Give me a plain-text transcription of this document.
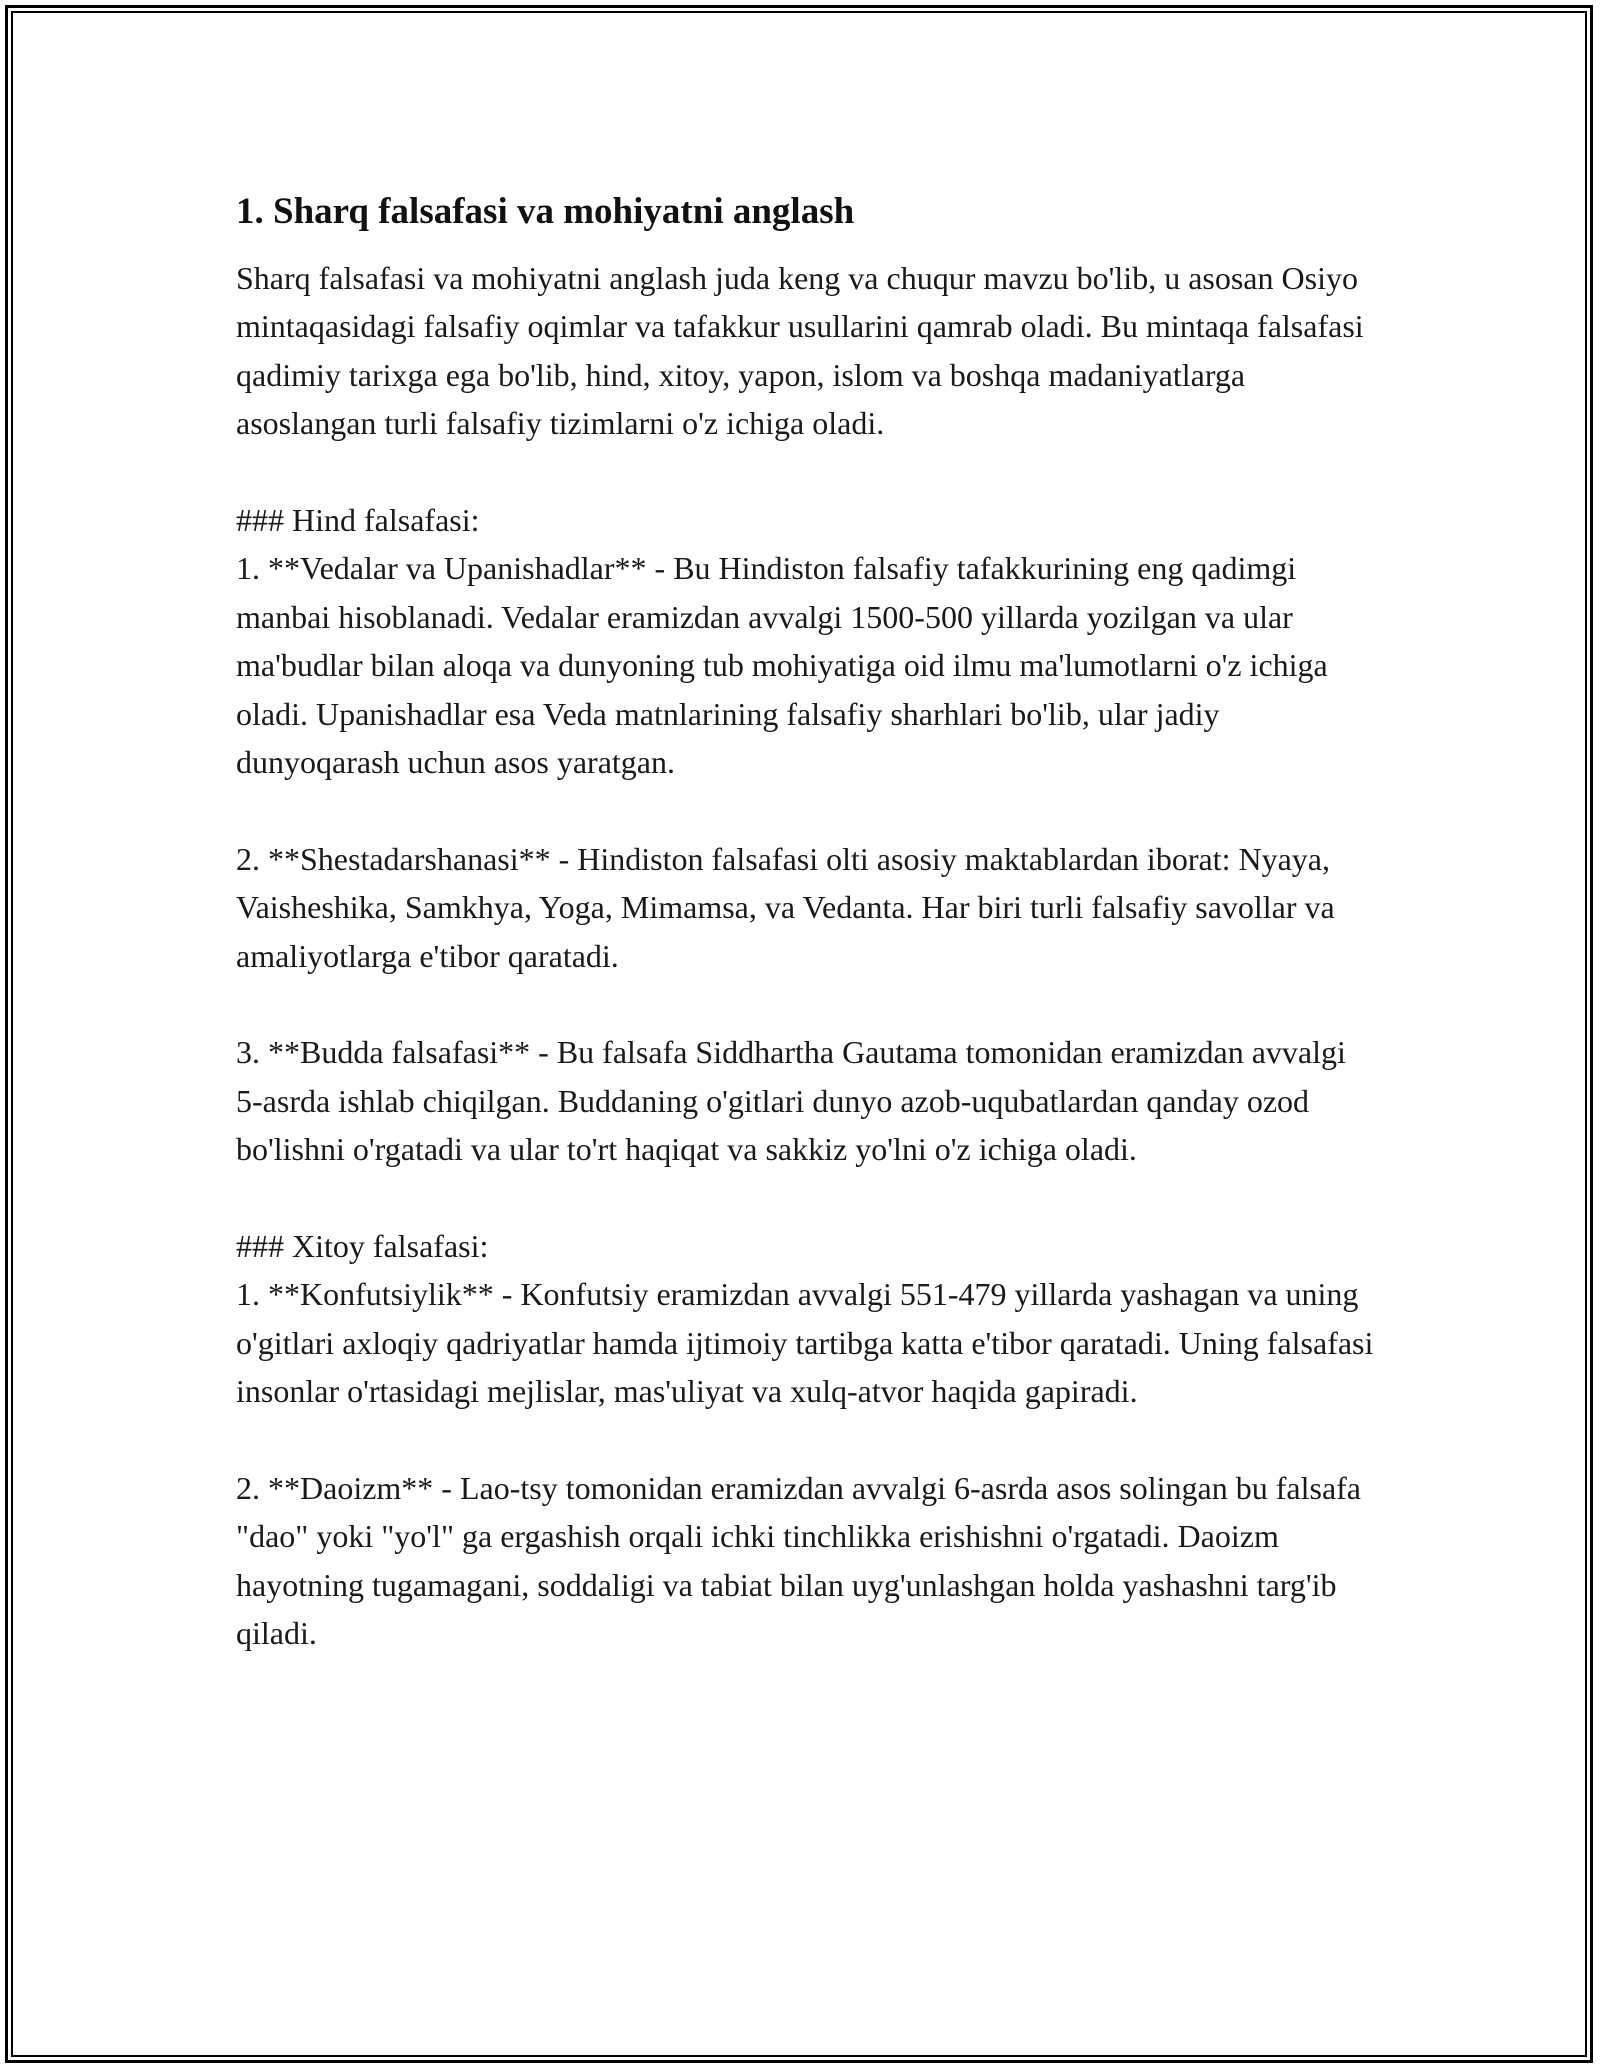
1. Sharq falsafasi va mohiyatni anglash

Sharq falsafasi va mohiyatni anglash juda keng va chuqur mavzu bo'lib, u asosan Osiyo mintaqasidagi falsafiy oqimlar va tafakkur usullarini qamrab oladi. Bu mintaqa falsafasi qadimiy tarixga ega bo'lib, hind, xitoy, yapon, islom va boshqa madaniyatlarga asoslangan turli falsafiy tizimlarni o'z ichiga oladi.

### Hind falsafasi:
1. **Vedalar va Upanishadlar** - Bu Hindiston falsafiy tafakkurining eng qadimgi manbai hisoblanadi. Vedalar eramizdan avvalgi 1500-500 yillarda yozilgan va ular ma'budlar bilan aloqa va dunyoning tub mohiyatiga oid ilmu ma'lumotlarni o'z ichiga oladi. Upanishadlar esa Veda matnlarining falsafiy sharhlari bo'lib, ular jadiy dunyoqarash uchun asos yaratgan.

2. **Shestadarshanasi** - Hindiston falsafasi olti asosiy maktablardan iborat: Nyaya, Vaisheshika, Samkhya, Yoga, Mimamsa, va Vedanta. Har biri turli falsafiy savollar va amaliyotlarga e'tibor qaratadi.

3. **Budda falsafasi** - Bu falsafa Siddhartha Gautama tomonidan eramizdan avvalgi 5-asrda ishlab chiqilgan. Buddaning o'gitlari dunyo azob-uqubatlardan qanday ozod bo'lishni o'rgatadi va ular to'rt haqiqat va sakkiz yo'lni o'z ichiga oladi.

### Xitoy falsafasi:
1. **Konfutsiylik** - Konfutsiy eramizdan avvalgi 551-479 yillarda yashagan va uning o'gitlari axloqiy qadriyatlar hamda ijtimoiy tartibga katta e'tibor qaratadi. Uning falsafasi insonlar o'rtasidagi mejlislar, mas'uliyat va xulq-atvor haqida gapiradi.

2. **Daoizm** - Lao-tsy tomonidan eramizdan avvalgi 6-asrda asos solingan bu falsafa "dao" yoki "yo'l" ga ergashish orqali ichki tinchlikka erishishni o'rgatadi. Daoizm hayotning tugamagani, soddaligi va tabiat bilan uyg'unlashgan holda yashashni targ'ib qiladi.
